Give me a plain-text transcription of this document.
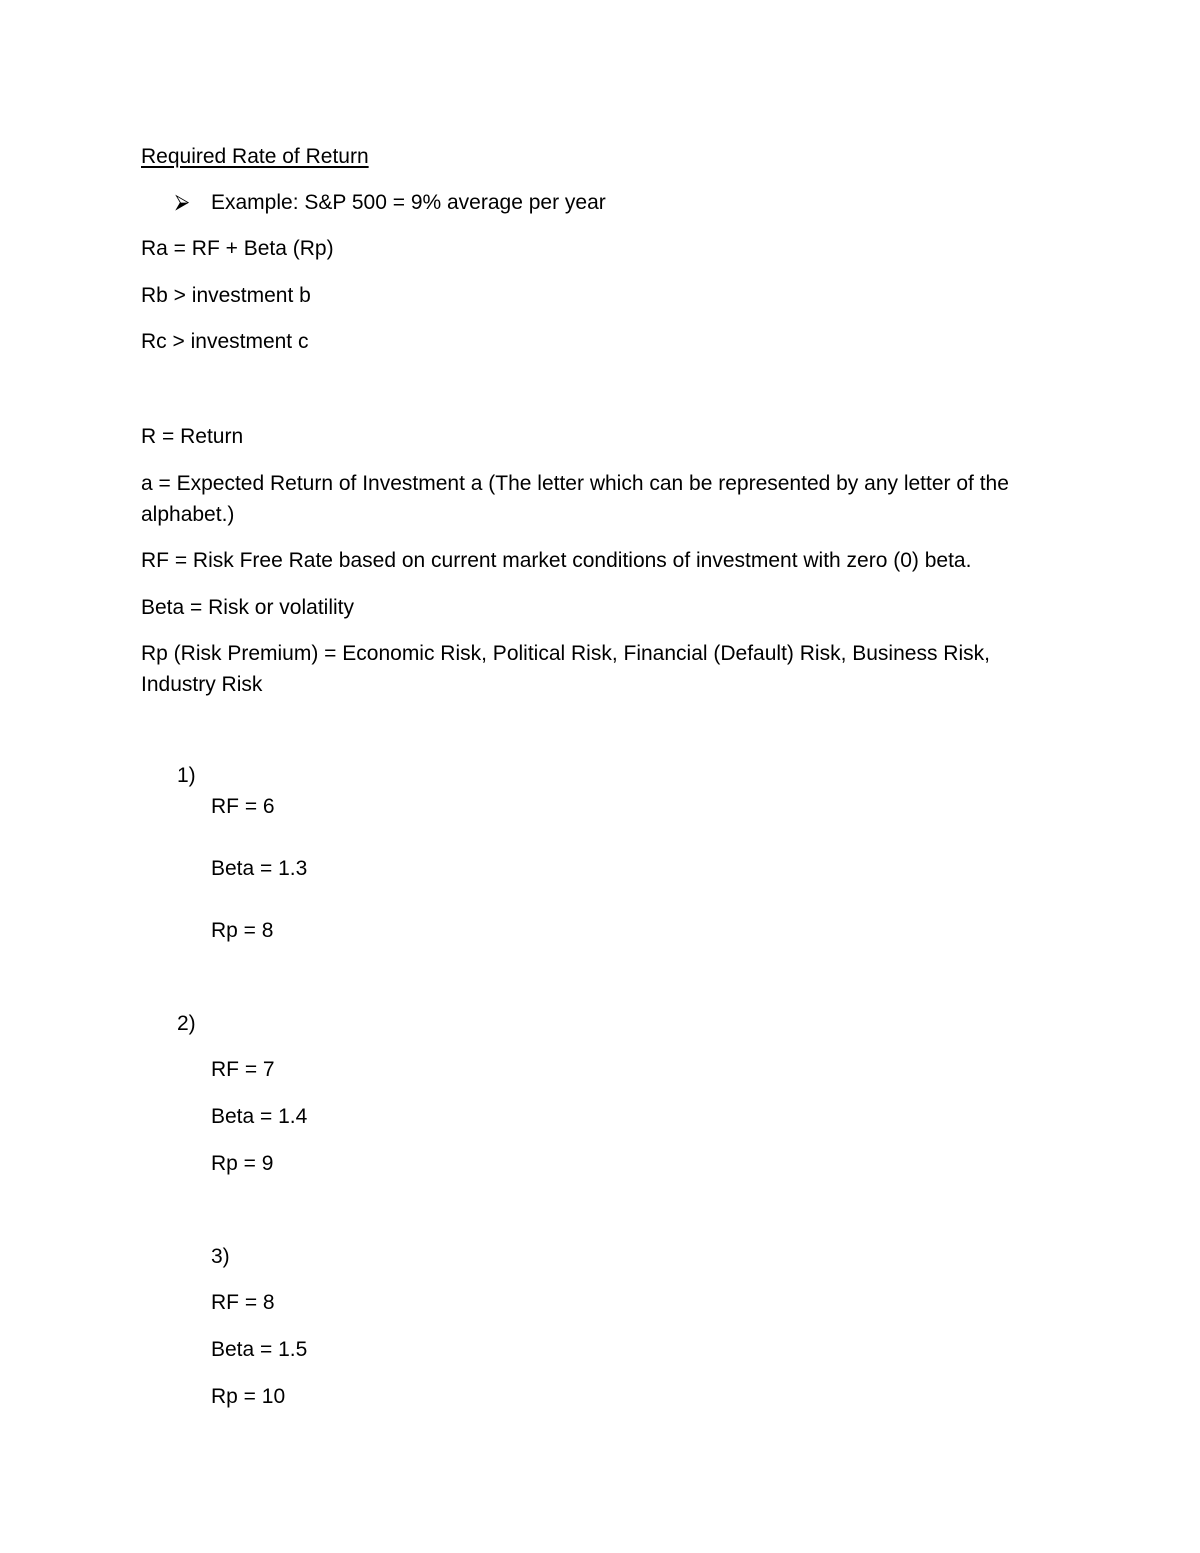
Required Rate of Return
⮚ Example: S&P 500 = 9% average per year
Ra = RF + Beta (Rp)
Rb > investment b
Rc > investment c
R = Return
a = Expected Return of Investment a (The letter which can be represented by any letter of the alphabet.)
RF = Risk Free Rate based on current market conditions of investment with zero (0) beta.
Beta = Risk or volatility
Rp (Risk Premium) = Economic Risk, Political Risk, Financial (Default) Risk, Business Risk, Industry Risk
1)
RF = 6
Beta = 1.3
Rp = 8
2)
RF = 7
Beta = 1.4
Rp = 9
3)
RF = 8
Beta = 1.5
Rp = 10
